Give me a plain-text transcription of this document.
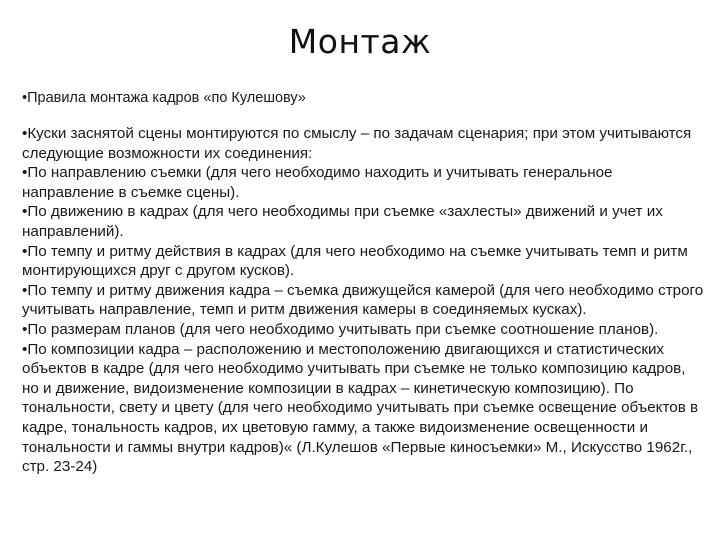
Монтаж
•Правила монтажа кадров «по Кулешову»

•Куски заснятой сцены монтируются по смыслу – по задачам сценария; при этом учитываются следующие возможности их соединения:

•По направлению съемки (для чего необходимо находить и учитывать генеральное направление в съемке сцены).

•По движению в кадрах (для чего необходимы при съемке «захлесты» движений и учет их направлений).

•По темпу и ритму действия в кадрах (для чего необходимо на съемке учитывать темп и ритм монтирующихся друг с другом кусков).

•По темпу и ритму движения кадра – съемка движущейся камерой (для чего необходимо строго учитывать направление, темп и ритм движения камеры в соединяемых кусках).

•По размерам планов (для чего необходимо учитывать при съемке соотношение планов).

•По композиции кадра – расположению и местоположению двигающихся и статистических объектов в кадре (для чего необходимо учитывать при съемке не только композицию кадров, но и движение, видоизменение композиции в кадрах – кинетическую композицию). По тональности, свету и цвету (для чего необходимо учитывать при съемке освещение объектов в кадре, тональность кадров, их цветовую гамму, а также видоизменение освещенности и тональности и гаммы внутри кадров)« (Л.Кулешов «Первые киносъемки» М., Искусство 1962г., стр. 23-24)
